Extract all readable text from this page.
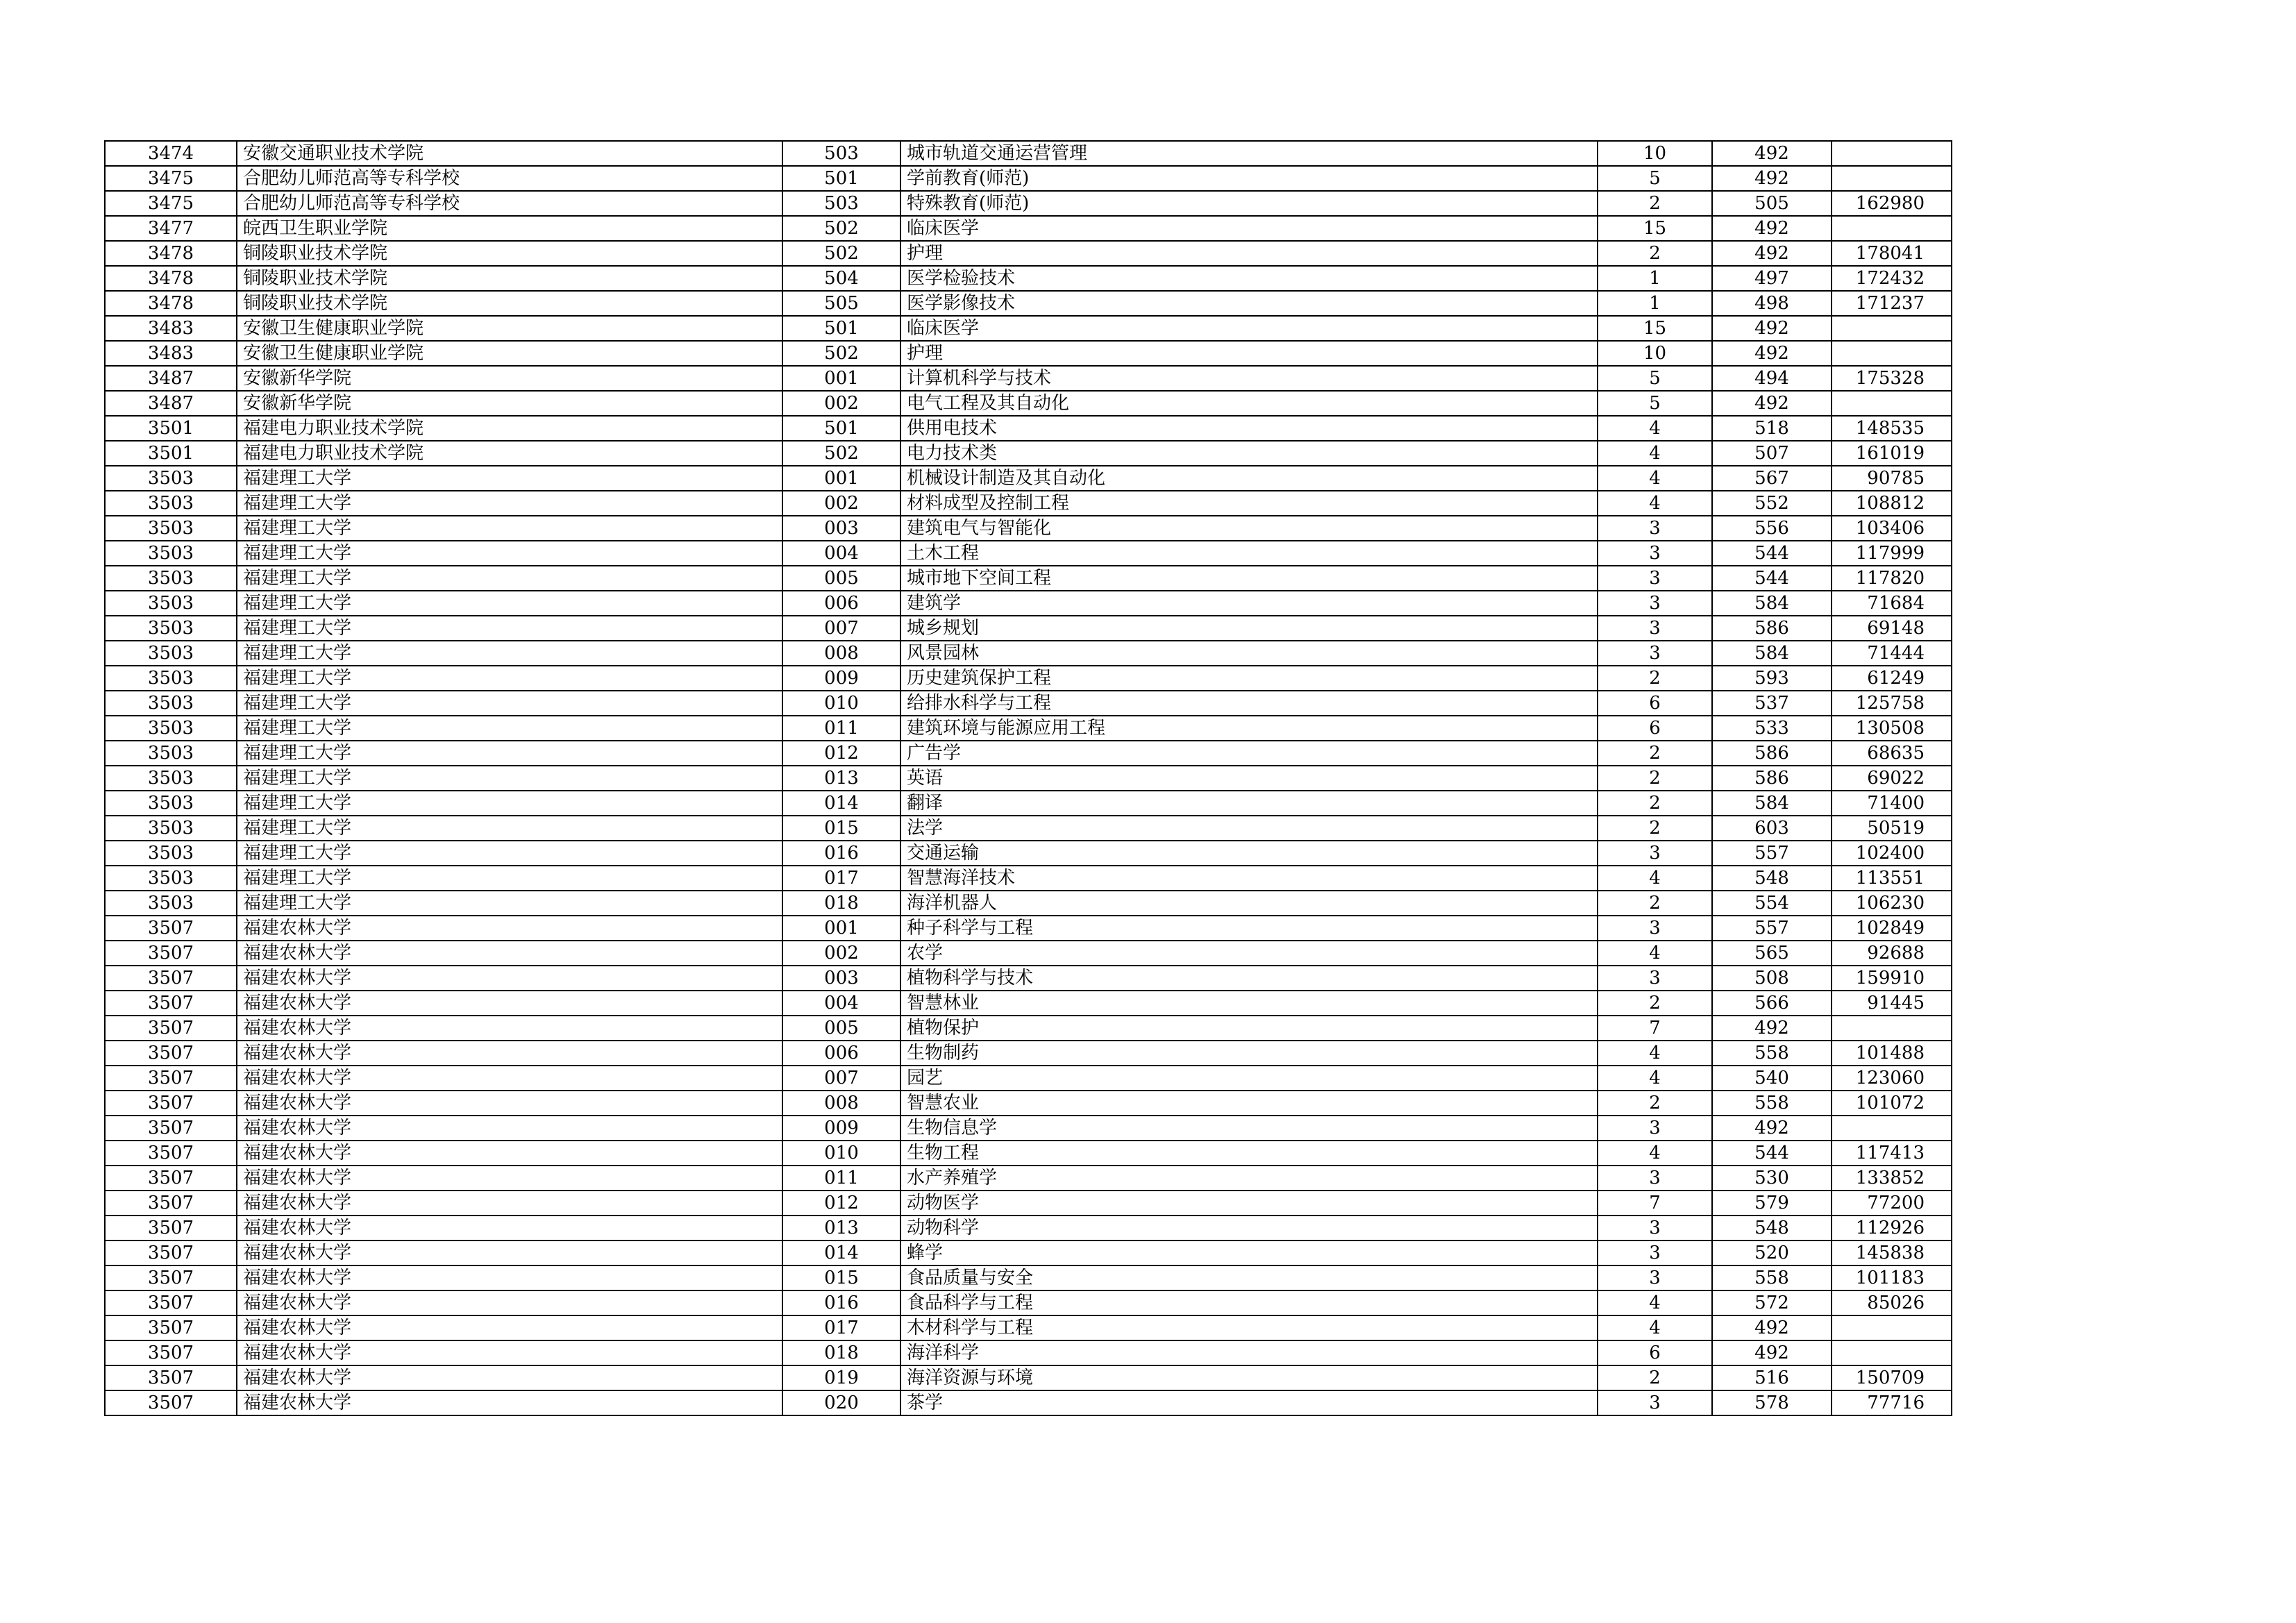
3474	安徽交通职业技术学院	503	城市轨道交通运营管理	10	492	
3475	合肥幼儿师范高等专科学校	501	学前教育(师范)	5	492	
3475	合肥幼儿师范高等专科学校	503	特殊教育(师范)	2	505	162980
3477	皖西卫生职业学院	502	临床医学	15	492	
3478	铜陵职业技术学院	502	护理	2	492	178041
3478	铜陵职业技术学院	504	医学检验技术	1	497	172432
3478	铜陵职业技术学院	505	医学影像技术	1	498	171237
3483	安徽卫生健康职业学院	501	临床医学	15	492	
3483	安徽卫生健康职业学院	502	护理	10	492	
3487	安徽新华学院	001	计算机科学与技术	5	494	175328
3487	安徽新华学院	002	电气工程及其自动化	5	492	
3501	福建电力职业技术学院	501	供用电技术	4	518	148535
3501	福建电力职业技术学院	502	电力技术类	4	507	161019
3503	福建理工大学	001	机械设计制造及其自动化	4	567	90785
3503	福建理工大学	002	材料成型及控制工程	4	552	108812
3503	福建理工大学	003	建筑电气与智能化	3	556	103406
3503	福建理工大学	004	土木工程	3	544	117999
3503	福建理工大学	005	城市地下空间工程	3	544	117820
3503	福建理工大学	006	建筑学	3	584	71684
3503	福建理工大学	007	城乡规划	3	586	69148
3503	福建理工大学	008	风景园林	3	584	71444
3503	福建理工大学	009	历史建筑保护工程	2	593	61249
3503	福建理工大学	010	给排水科学与工程	6	537	125758
3503	福建理工大学	011	建筑环境与能源应用工程	6	533	130508
3503	福建理工大学	012	广告学	2	586	68635
3503	福建理工大学	013	英语	2	586	69022
3503	福建理工大学	014	翻译	2	584	71400
3503	福建理工大学	015	法学	2	603	50519
3503	福建理工大学	016	交通运输	3	557	102400
3503	福建理工大学	017	智慧海洋技术	4	548	113551
3503	福建理工大学	018	海洋机器人	2	554	106230
3507	福建农林大学	001	种子科学与工程	3	557	102849
3507	福建农林大学	002	农学	4	565	92688
3507	福建农林大学	003	植物科学与技术	3	508	159910
3507	福建农林大学	004	智慧林业	2	566	91445
3507	福建农林大学	005	植物保护	7	492	
3507	福建农林大学	006	生物制药	4	558	101488
3507	福建农林大学	007	园艺	4	540	123060
3507	福建农林大学	008	智慧农业	2	558	101072
3507	福建农林大学	009	生物信息学	3	492	
3507	福建农林大学	010	生物工程	4	544	117413
3507	福建农林大学	011	水产养殖学	3	530	133852
3507	福建农林大学	012	动物医学	7	579	77200
3507	福建农林大学	013	动物科学	3	548	112926
3507	福建农林大学	014	蜂学	3	520	145838
3507	福建农林大学	015	食品质量与安全	3	558	101183
3507	福建农林大学	016	食品科学与工程	4	572	85026
3507	福建农林大学	017	木材科学与工程	4	492	
3507	福建农林大学	018	海洋科学	6	492	
3507	福建农林大学	019	海洋资源与环境	2	516	150709
3507	福建农林大学	020	茶学	3	578	77716
